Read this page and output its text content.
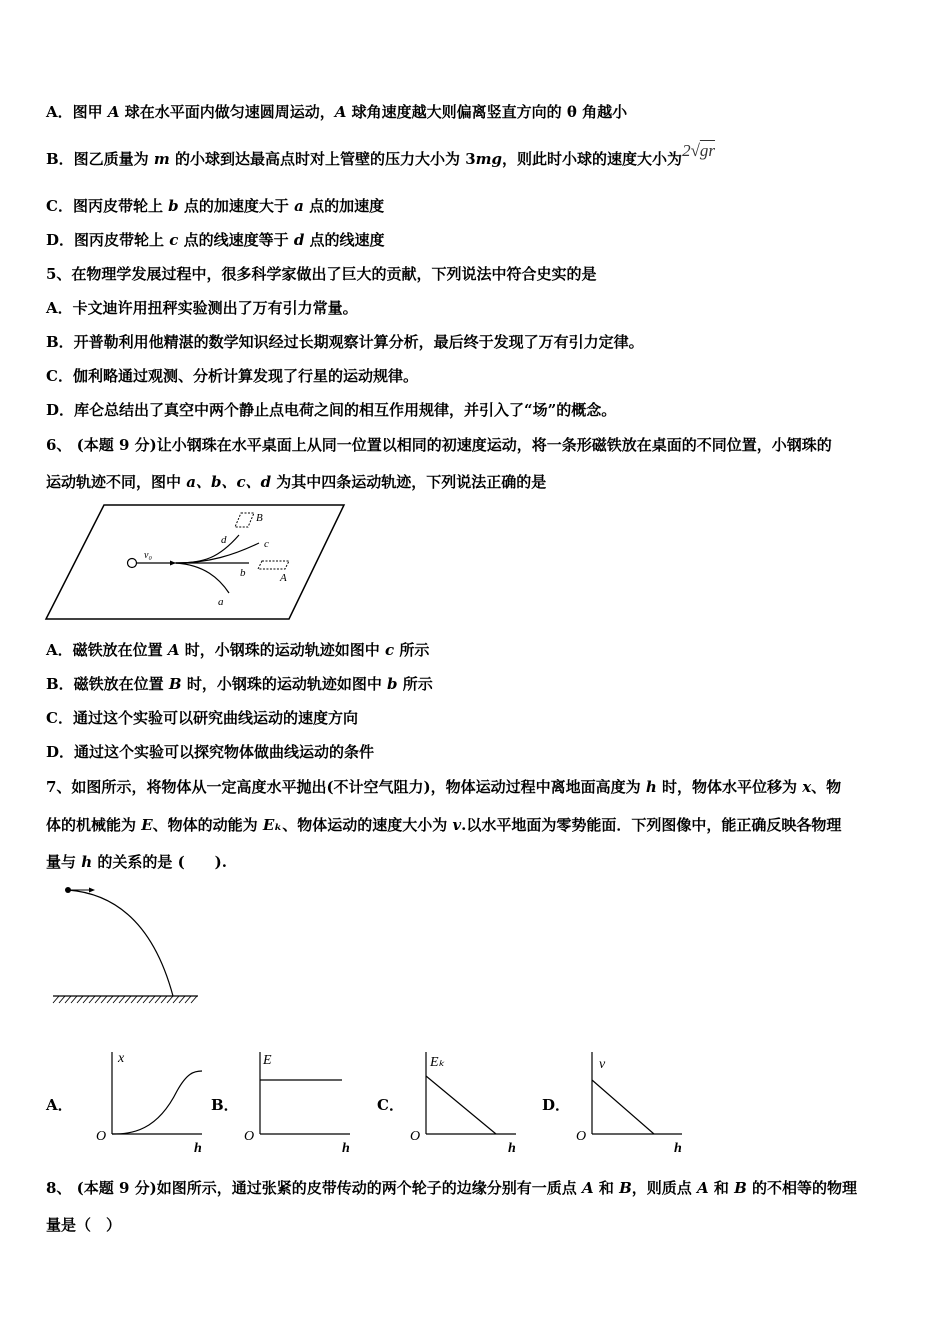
A．图甲 A 球在水平面内做匀速圆周运动，A 球角速度越大则偏离竖直方向的 θ 角越小
B．图乙质量为 m 的小球到达最高点时对上管壁的压力大小为 3mg，则此时小球的速度大小为2√gr
C．图丙皮带轮上 b 点的加速度大于 a 点的加速度
D．图丙皮带轮上 c 点的线速度等于 d 点的线速度
5、在物理学发展过程中，很多科学家做出了巨大的贡献，下列说法中符合史实的是
A．卡文迪许用扭秤实验测出了万有引力常量。
B．开普勒利用他精湛的数学知识经过长期观察计算分析，最后终于发现了万有引力定律。
C．伽利略通过观测、分析计算发现了行星的运动规律。
D．库仑总结出了真空中两个静止点电荷之间的相互作用规律，并引入了“场”的概念。
6、 (本题 9 分)让小钢珠在水平桌面上从同一位置以相同的初速度运动，将一条形磁铁放在桌面的不同位置，小钢珠的
运动轨迹不同，图中 a、b、c、d 为其中四条运动轨迹，下列说法正确的是
v₀
d	c
b
a
B
A
A．磁铁放在位置 A 时，小钢珠的运动轨迹如图中 c 所示
B．磁铁放在位置 B 时，小钢珠的运动轨迹如图中 b 所示
C．通过这个实验可以研究曲线运动的速度方向
D．通过这个实验可以探究物体做曲线运动的条件
7、如图所示，将物体从一定高度水平抛出(不计空气阻力)，物体运动过程中离地面高度为 h 时，物体水平位移为 x、物
体的机械能为 E、物体的动能为 Eₖ、物体运动的速度大小为 v.以水平地面为零势能面．下列图像中，能正确反映各物理
量与 h 的关系的是 (　　).
A．
x
h
O
B．
E
h
O
C．
Eₖ
h
O
D．
v
h
O
8、 (本题 9 分)如图所示，通过张紧的皮带传动的两个轮子的边缘分别有一质点 A 和 B，则质点 A 和 B 的不相等的物理
量是（　）
